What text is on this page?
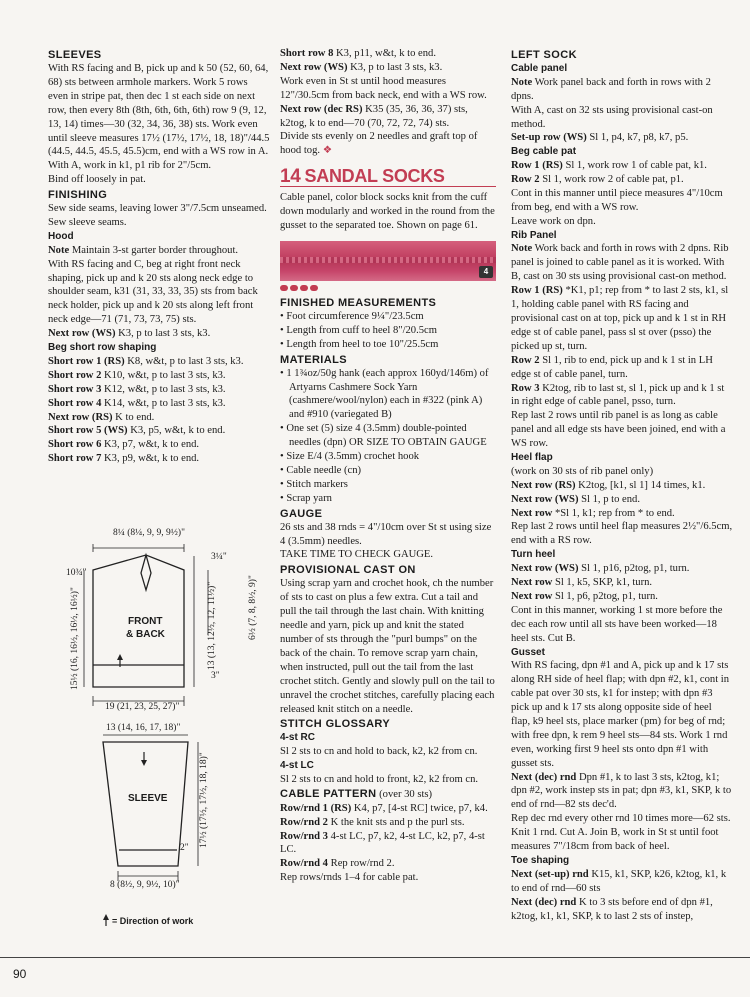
SLEEVES

With RS facing and B, pick up and k 50 (52, 60, 64, 68) sts between armhole markers. Work 5 rows even in stripe pat, then dec 1 st each side on next row, then every 8th (8th, 6th, 6th, 6th) row 9 (9, 12, 13, 14) times—30 (32, 34, 36, 38) sts. Work even until sleeve measures 17½ (17½, 17½, 18, 18)"/44.5 (44.5, 44.5, 45.5, 45.5)cm, end with a WS row in A.

With A, work in k1, p1 rib for 2"/5cm.

Bind off loosely in pat.

FINISHING

Sew side seams, leaving lower 3"/7.5cm unseamed. Sew sleeve seams.

Hood

Note Maintain 3-st garter border throughout.

With RS facing and C, beg at right front neck shaping, pick up and k 20 sts along neck edge to shoulder seam, k31 (31, 33, 33, 35) sts from back neck holder, pick up and k 20 sts along left front neck edge—71 (71, 73, 73, 75) sts.

Next row (WS) K3, p to last 3 sts, k3.

Beg short row shaping

Short row 1 (RS) K8, w&t, p to last 3 sts, k3.

Short row 2 K10, w&t, p to last 3 sts, k3.

Short row 3 K12, w&t, p to last 3 sts, k3.

Short row 4 K14, w&t, p to last 3 sts, k3.

Next row (RS) K to end.

Short row 5 (WS) K3, p5, w&t, k to end.

Short row 6 K3, p7, w&t, k to end.

Short row 7 K3, p9, w&t, k to end.

8¼ (8¼, 9, 9, 9½)"
3¼"
10¾"
6½ (7, 8, 8½, 9)"
15½ (16, 16½, 16½, 16½)"	13 (13, 12½, 12, 11½)"
3"
FRONT
& BACK
19 (21, 23, 25, 27)"
13 (14, 16, 17, 18)"
SLEEVE	17½ (17½, 17½, 18, 18)"
2"
8 (8½, 9, 9½, 10)"
= Direction of work

Short row 8 K3, p11, w&t, k to end.

Next row (WS) K3, p to last 3 sts, k3.

Work even in St st until hood measures 12"/30.5cm from back neck, end with a WS row.

Next row (dec RS) K35 (35, 36, 36, 37) sts, k2tog, k to end—70 (70, 72, 72, 74) sts.

Divide sts evenly on 2 needles and graft top of hood tog. ❖

14 SANDAL SOCKS

Cable panel, color block socks knit from the cuff down modularly and worked in the round from the gusset to the separated toe. Shown on page 61.

4
FINISHED MEASUREMENTS

• Foot circumference 9¼"/23.5cm

• Length from cuff to heel 8"/20.5cm

• Length from heel to toe 10"/25.5cm

MATERIALS

• 1 1¾oz/50g hank (each approx 160yd/146m) of Artyarns Cashmere Sock Yarn (cashmere/wool/nylon) each in #322 (pink A) and #910 (variegated B)

• One set (5) size 4 (3.5mm) double-pointed needles (dpn) OR SIZE TO OBTAIN GAUGE

• Size E/4 (3.5mm) crochet hook

• Cable needle (cn)

• Stitch markers

• Scrap yarn

GAUGE

26 sts and 38 rnds = 4"/10cm over St st using size 4 (3.5mm) needles.

TAKE TIME TO CHECK GAUGE.

PROVISIONAL CAST ON

Using scrap yarn and crochet hook, ch the number of sts to cast on plus a few extra. Cut a tail and pull the tail through the last chain. With knitting needle and yarn, pick up and knit the stated number of sts through the "purl bumps" on the back of the chain. To remove scrap yarn chain, when instructed, pull out the tail from the last crochet stitch. Gently and slowly pull on the tail to unravel the crochet stitches, carefully placing each released knit stitch on a needle.

STITCH GLOSSARY
4-st RC

Sl 2 sts to cn and hold to back, k2, k2 from cn.

4-st LC

Sl 2 sts to cn and hold to front, k2, k2 from cn.

CABLE PATTERN (over 30 sts)

Row/rnd 1 (RS) K4, p7, [4-st RC] twice, p7, k4.

Row/rnd 2 K the knit sts and p the purl sts.

Row/rnd 3 4-st LC, p7, k2, 4-st LC, k2, p7, 4-st LC.

Row/rnd 4 Rep row/rnd 2.

Rep rows/rnds 1–4 for cable pat.

LEFT SOCK
Cable panel

Note Work panel back and forth in rows with 2 dpns.

With A, cast on 32 sts using provisional cast-on method.

Set-up row (WS) Sl 1, p4, k7, p8, k7, p5.

Beg cable pat

Row 1 (RS) Sl 1, work row 1 of cable pat, k1.

Row 2 Sl 1, work row 2 of cable pat, p1.

Cont in this manner until piece measures 4"/10cm from beg, end with a WS row.

Leave work on dpn.

Rib Panel

Note Work back and forth in rows with 2 dpns. Rib panel is joined to cable panel as it is worked. With B, cast on 30 sts using provisional cast-on method.

Row 1 (RS) *K1, p1; rep from * to last 2 sts, k1, sl 1, holding cable panel with RS facing and provisional cast on at top, pick up and k 1 st in RH edge st of cable panel, pass sl st over (psso) the picked up st, turn.

Row 2 Sl 1, rib to end, pick up and k 1 st in LH edge st of cable panel, turn.

Row 3 K2tog, rib to last st, sl 1, pick up and k 1 st in right edge of cable panel, psso, turn.

Rep last 2 rows until rib panel is as long as cable panel and all edge sts have been joined, end with a WS row.

Heel flap

(work on 30 sts of rib panel only)

Next row (RS) K2tog, [k1, sl 1] 14 times, k1.

Next row (WS) Sl 1, p to end.

Next row *Sl 1, k1; rep from * to end.

Rep last 2 rows until heel flap measures 2½"/6.5cm, end with a RS row.

Turn heel

Next row (WS) Sl 1, p16, p2tog, p1, turn.

Next row Sl 1, k5, SKP, k1, turn.

Next row Sl 1, p6, p2tog, p1, turn.

Cont in this manner, working 1 st more before the dec each row until all sts have been worked—18 heel sts. Cut B.

Gusset

With RS facing, dpn #1 and A, pick up and k 17 sts along RH side of heel flap; with dpn #2, k1, cont in cable pat over 30 sts, k1 for instep; with dpn #3 pick up and k 17 sts along opposite side of heel flap, k9 heel sts, place marker (pm) for beg of rnd; with free dpn, k rem 9 heel sts—84 sts. Work 1 rnd even, working first 9 heel sts onto dpn #1 with gusset sts.

Next (dec) rnd Dpn #1, k to last 3 sts, k2tog, k1; dpn #2, work instep sts in pat; dpn #3, k1, SKP, k to end of rnd—82 sts dec'd.

Rep dec rnd every other rnd 10 times more—62 sts. Knit 1 rnd. Cut A. Join B, work in St st until foot measures 7"/18cm from back of heel.

Toe shaping

Next (set-up) rnd K15, k1, SKP, k26, k2tog, k1, k to end of rnd—60 sts

Next (dec) rnd K to 3 sts before end of dpn #1, k2tog, k1, k1, SKP, k to last 2 sts of instep,

90
